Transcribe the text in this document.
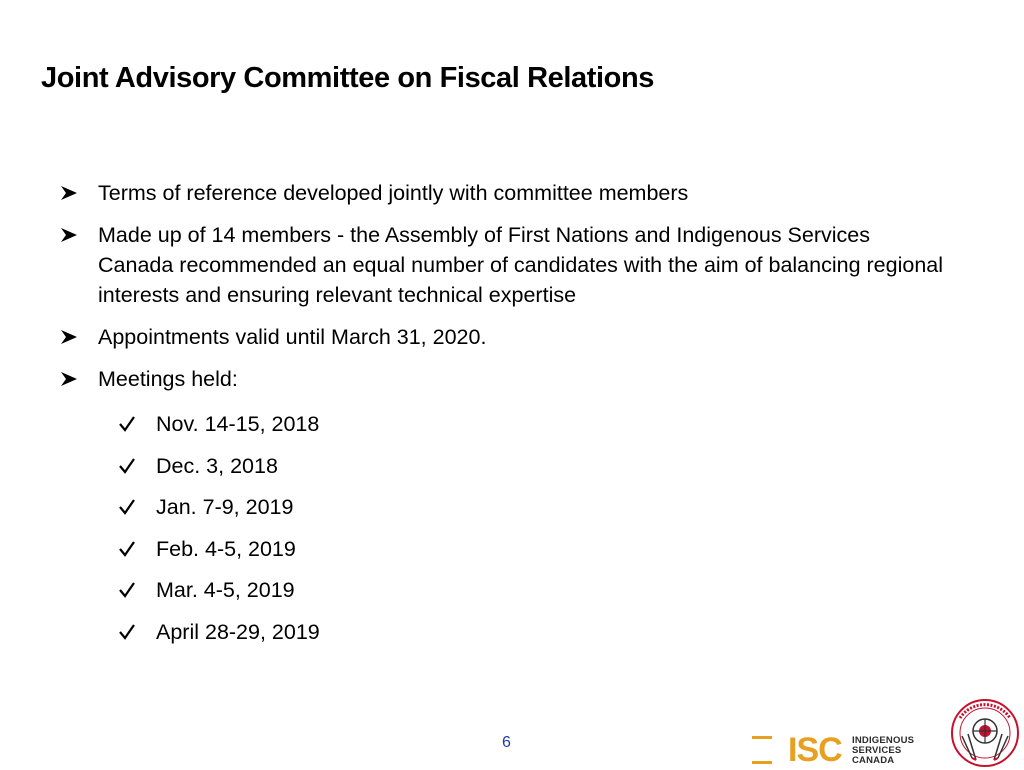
Joint Advisory Committee on Fiscal Relations
Terms of reference developed jointly with committee members
Made up of 14 members - the Assembly of First Nations and Indigenous Services Canada recommended an equal number of candidates with the aim of balancing regional interests and ensuring relevant technical expertise
Appointments valid until March 31, 2020.
Meetings held:
Nov. 14-15, 2018
Dec. 3, 2018
Jan. 7-9, 2019
Feb. 4-5, 2019
Mar. 4-5, 2019
April 28-29, 2019
6	ISC INDIGENOUS
SERVICES
CANADA
